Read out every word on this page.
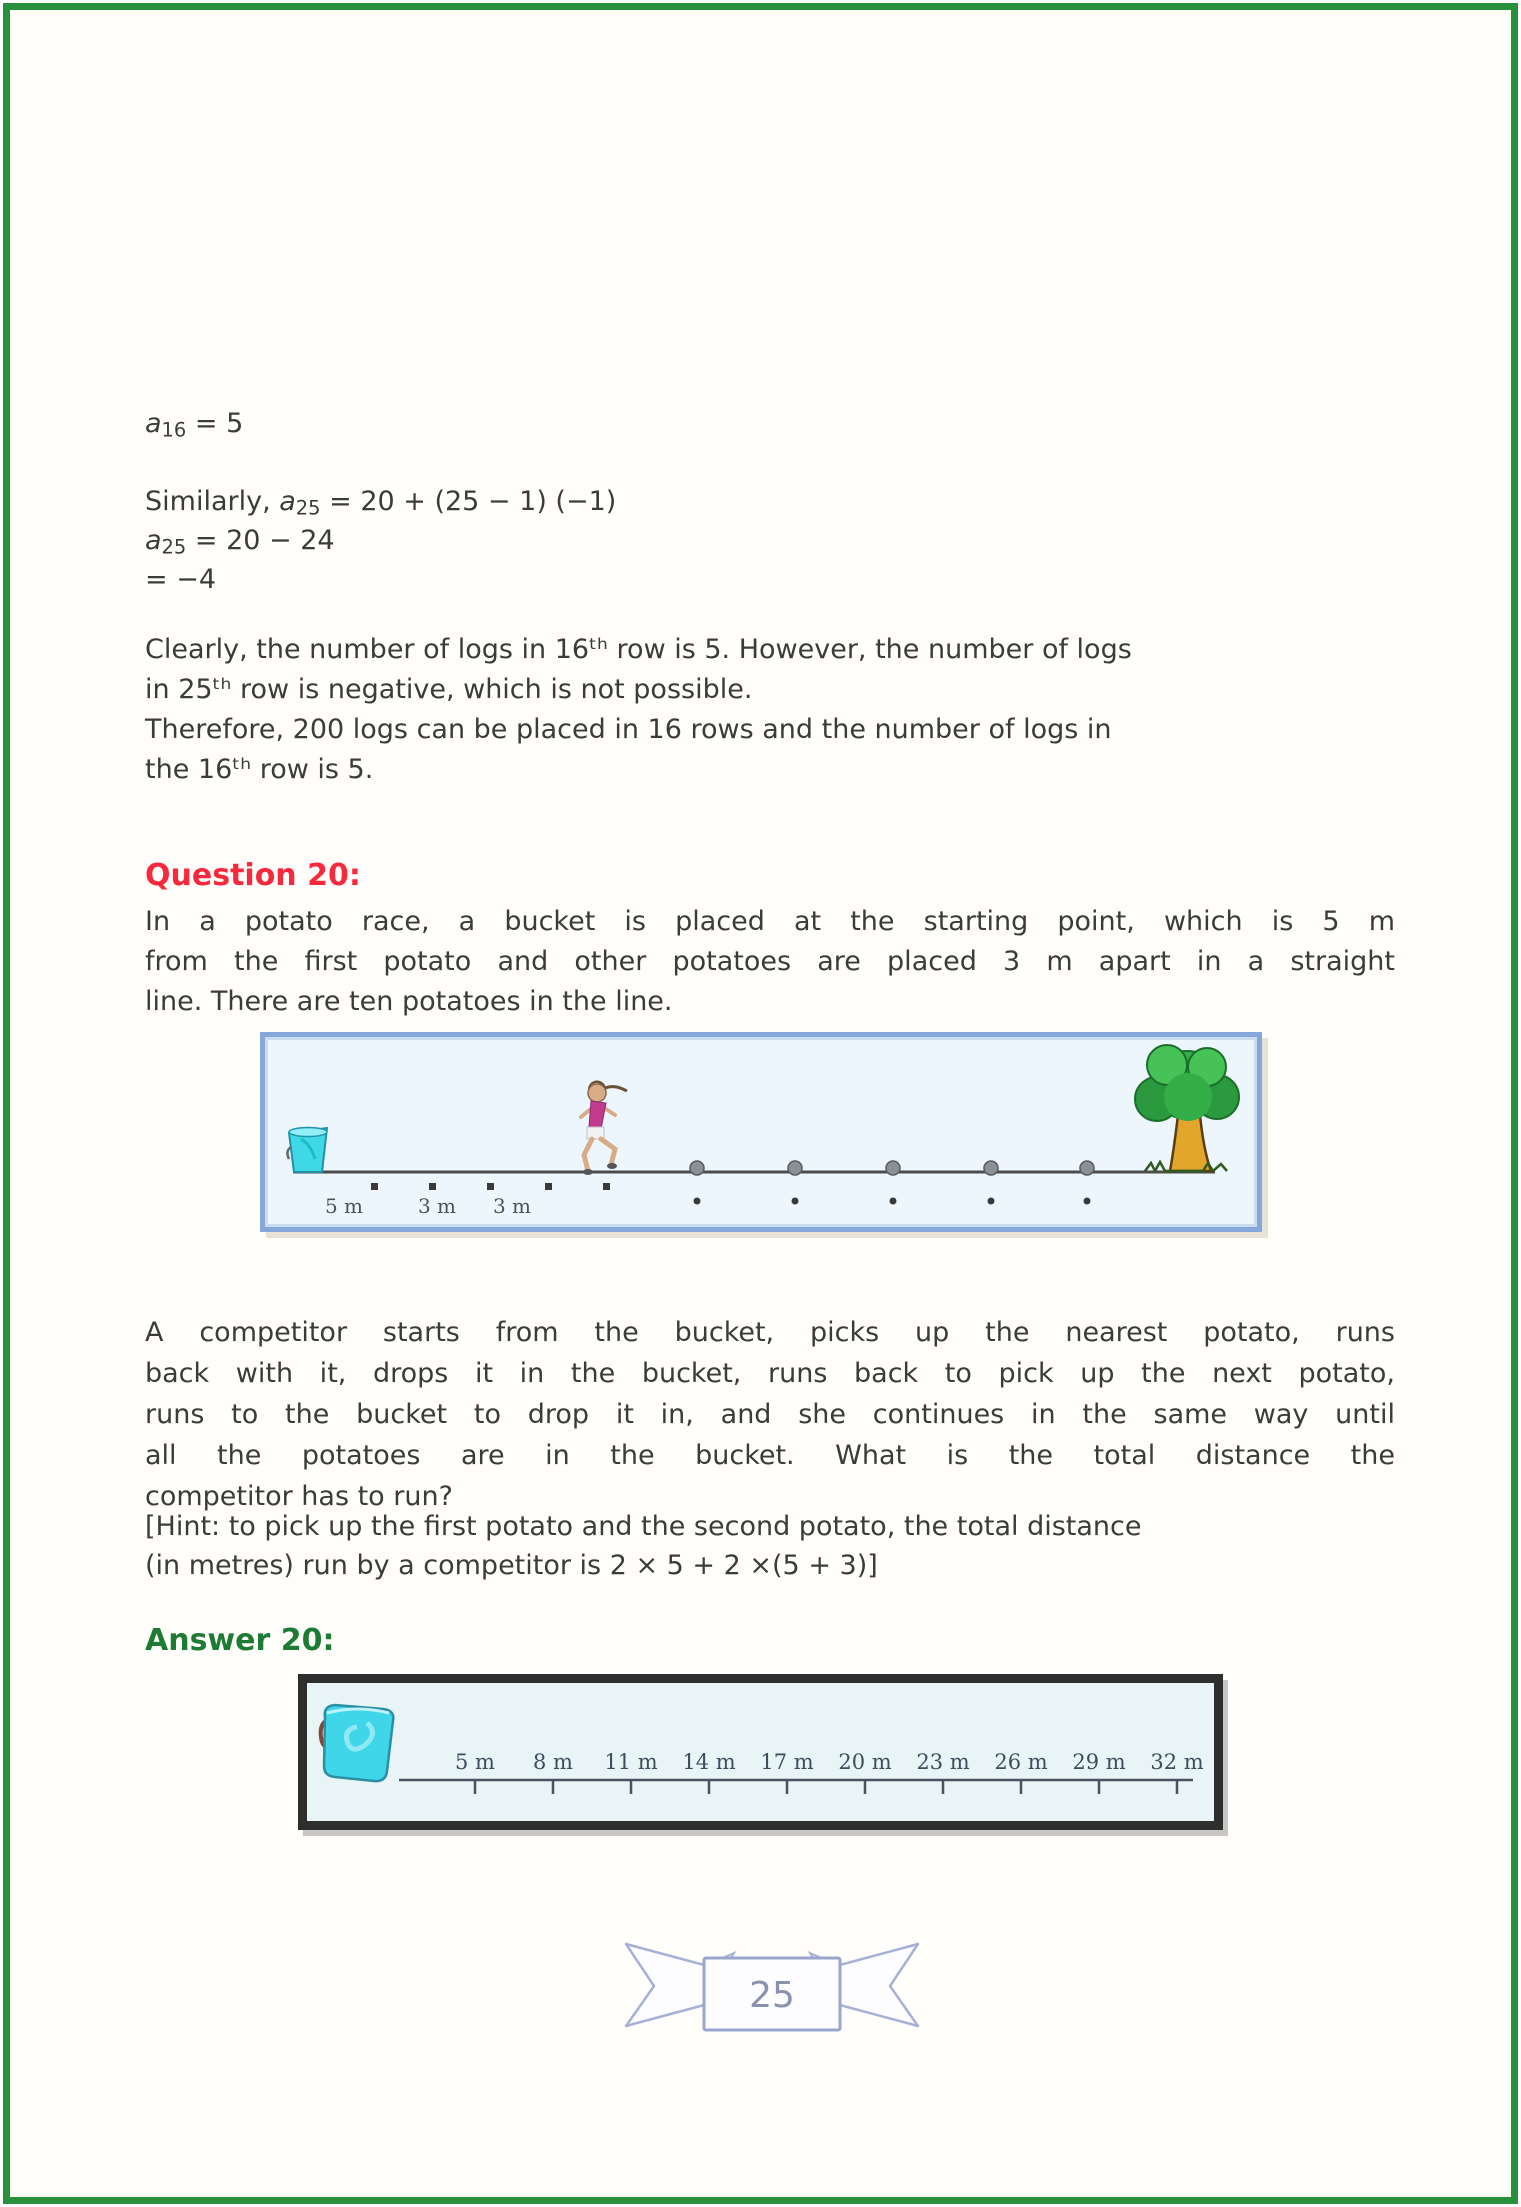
$a_{16} = 5$
Similarly, $a_{25} = 20 + (25 - 1)$ (−1)
$a_{25} = 20 - 24$
= −4
Clearly, the number of logs in 16ᵗʰ row is 5. However, the number of logs
in 25ᵗʰ row is negative, which is not possible.
Therefore, 200 logs can be placed in 16 rows and the number of logs in
the 16ᵗʰ row is 5.
Question 20:
In a potato race, a bucket is placed at the starting point, which is 5 m
from the first potato and other potatoes are placed 3 m apart in a straight
line. There are ten potatoes in the line.
5 m	3 m 3 m
A competitor starts from the bucket, picks up the nearest potato, runs
back with it, drops it in the bucket, runs back to pick up the next potato,
runs to the bucket to drop it in, and she continues in the same way until
all the potatoes are in the bucket. What is the total distance the
competitor has to run?
[Hint: to pick up the first potato and the second potato, the total distance
(in metres) run by a competitor is 2 × 5 + 2 ×(5 + 3)]
Answer 20:
5 m 8 m 11 m 14 m 17 m 20 m 23 m 26 m 29 m 32 m
25
